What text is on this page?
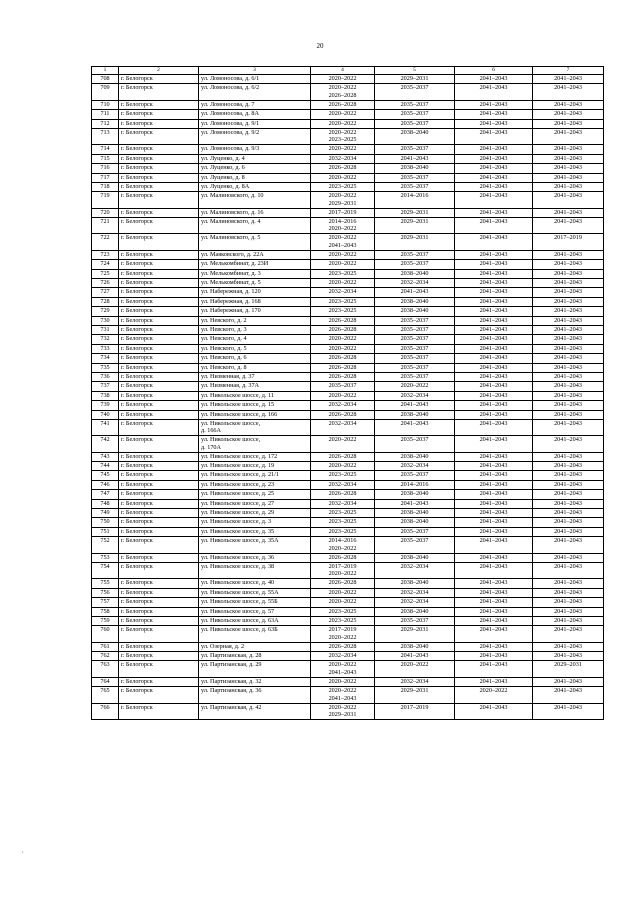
20
1	2	3	4	5	6	7
708	г. Белогорск	ул. Ломоносова, д. 6/1	2020–2022	2029–2031	2041–2043	2041–2043

709	г. Белогорск	ул. Ломоносова, д. 6/2	2020–2022
2026–2028	2035–2037	2041–2043	2041–2043

710	г. Белогорск	ул. Ломоносова, д. 7	2026–2028	2035–2037	2041–2043	2041–2043

711	г. Белогорск	ул. Ломоносова, д. 8А	2020–2022	2035–2037	2041–2043	2041–2043

712	г. Белогорск	ул. Ломоносова, д. 9/1	2020–2022	2035–2037	2041–2043	2041–2043

713	г. Белогорск	ул. Ломоносова, д. 9/2	2020–2022
2023–2025	2038–2040	2041–2043	2041–2043

714	г. Белогорск	ул. Ломоносова, д. 9/3	2020–2022	2035–2037	2041–2043	2041–2043

715	г. Белогорск	ул. Луценко, д. 4	2032–2034	2041–2043	2041–2043	2041–2043

716	г. Белогорск	ул. Луценко, д. 6	2026–2028	2038–2040	2041–2043	2041–2043

717	г. Белогорск	ул. Луценко, д. 8	2020–2022	2035–2037	2041–2043	2041–2043

718	г. Белогорск	ул. Луценко, д. 8А	2023–2025	2035–2037	2041–2043	2041–2043

719	г. Белогорск	ул. Малиновского, д. 10	2020–2022
2029–2031	2014–2016	2041–2043	2041–2043

720	г. Белогорск	ул. Малиновского, д. 16	2017–2019	2029–2031	2041–2043	2041–2043

721	г. Белогорск	ул. Малиновского, д. 4	2014–2016
2020–2022	2029–2031	2041–2043	2041–2043

722	г. Белогорск	ул. Малиновского, д. 5	2020–2022
2041–2043	2029–2031	2041–2043	2017–2019

723	г. Белогорск	ул. Маяковского, д. 22А	2020–2022	2035–2037	2041–2043	2041–2043

724	г. Белогорск	ул. Мелькомбинат, д. 23И	2020–2022	2035–2037	2041–2043	2041–2043

725	г. Белогорск	ул. Мелькомбинат, д. 3	2023–2025	2038–2040	2041–2043	2041–2043

726	г. Белогорск	ул. Мелькомбинат, д. 5	2020–2022	2032–2034	2041–2043	2041–2043

727	г. Белогорск	ул. Набережная, д. 120	2032–2034	2041–2043	2041–2043	2041–2043

728	г. Белогорск	ул. Набережная, д. 168	2023–2025	2038–2040	2041–2043	2041–2043

729	г. Белогорск	ул. Набережная, д. 170	2023–2025	2038–2040	2041–2043	2041–2043

730	г. Белогорск	ул. Невского, д. 2	2026–2028	2035–2037	2041–2043	2041–2043

731	г. Белогорск	ул. Невского, д. 3	2026–2028	2035–2037	2041–2043	2041–2043

732	г. Белогорск	ул. Невского, д. 4	2020–2022	2035–2037	2041–2043	2041–2043

733	г. Белогорск	ул. Невского, д. 5	2020–2022	2035–2037	2041–2043	2041–2043

734	г. Белогорск	ул. Невского, д. 6	2026–2028	2035–2037	2041–2043	2041–2043

735	г. Белогорск	ул. Невского, д. 8	2026–2028	2035–2037	2041–2043	2041–2043

736	г. Белогорск	ул. Низменная, д. 37	2026–2028	2035–2037	2041–2043	2041–2043

737	г. Белогорск	ул. Низменная, д. 37А	2035–2037	2020–2022	2041–2043	2041–2043

738	г. Белогорск	ул. Никольское шоссе, д. 11	2020–2022	2032–2034	2041–2043	2041–2043

739	г. Белогорск	ул. Никольское шоссе, д. 15	2032–2034	2041–2043	2041–2043	2041–2043

740	г. Белогорск	ул. Никольское шоссе, д. 166	2026–2028	2038–2040	2041–2043	2041–2043

741	г. Белогорск	ул. Никольское шоссе,
д. 166А	2032–2034	2041–2043	2041–2043	2041–2043

742	г. Белогорск	ул. Никольское шоссе,
д. 170А	2020–2022	2035–2037	2041–2043	2041–2043

743	г. Белогорск	ул. Никольское шоссе, д. 172	2026–2028	2038–2040	2041–2043	2041–2043

744	г. Белогорск	ул. Никольское шоссе, д. 19	2020–2022	2032–2034	2041–2043	2041–2043

745	г. Белогорск	ул. Никольское шоссе, д. 21/1	2023–2025	2035–2037	2041–2043	2041–2043

746	г. Белогорск	ул. Никольское шоссе, д. 23	2032–2034	2014–2016	2041–2043	2041–2043

747	г. Белогорск	ул. Никольское шоссе, д. 25	2026–2028	2038–2040	2041–2043	2041–2043

748	г. Белогорск	ул. Никольское шоссе, д. 27	2032–2034	2041–2043	2041–2043	2041–2043

749	г. Белогорск	ул. Никольское шоссе, д. 29	2023–2025	2038–2040	2041–2043	2041–2043

750	г. Белогорск	ул. Никольское шоссе, д. 3	2023–2025	2038–2040	2041–2043	2041–2043

751	г. Белогорск	ул. Никольское шоссе, д. 35	2023–2025	2035–2037	2041–2043	2041–2043

752	г. Белогорск	ул. Никольское шоссе, д. 35А	2014–2016
2020–2022	2035–2037	2041–2043	2041–2043

753	г. Белогорск	ул. Никольское шоссе, д. 36	2026–2028	2038–2040	2041–2043	2041–2043

754	г. Белогорск	ул. Никольское шоссе, д. 38	2017–2019
2020–2022	2032–2034	2041–2043	2041–2043

755	г. Белогорск	ул. Никольское шоссе, д. 40	2026–2028	2038–2040	2041–2043	2041–2043

756	г. Белогорск	ул. Никольское шоссе, д. 55А	2020–2022	2032–2034	2041–2043	2041–2043

757	г. Белогорск	ул. Никольское шоссе, д. 55Б	2020–2022	2032–2034	2041–2043	2041–2043

758	г. Белогорск	ул. Никольское шоссе, д. 57	2023–2025	2038–2040	2041–2043	2041–2043

759	г. Белогорск	ул. Никольское шоссе, д. 63А	2023–2025	2035–2037	2041–2043	2041–2043

760	г. Белогорск	ул. Никольское шоссе, д. 63Б	2017–2019
2020–2022	2029–2031	2041–2043	2041–2043

761	г. Белогорск	ул. Озерная, д. 2	2026–2028	2038–2040	2041–2043	2041–2043

762	г. Белогорск	ул. Партизанская, д. 28	2032–2034	2041–2043	2041–2043	2041–2043

763	г. Белогорск	ул. Партизанская, д. 29	2020–2022
2041–2043	2020–2022	2041–2043	2029–2031

764	г. Белогорск	ул. Партизанская, д. 32	2020–2022	2032–2034	2041–2043	2041–2043

765	г. Белогорск	ул. Партизанская, д. 36	2020–2022
2041–2043	2029–2031	2020–2022	2041–2043

766	г. Белогорск	ул. Партизанская, д. 42	2020–2022
2029–2031	2017–2019	2041–2043	2041–2043
,
